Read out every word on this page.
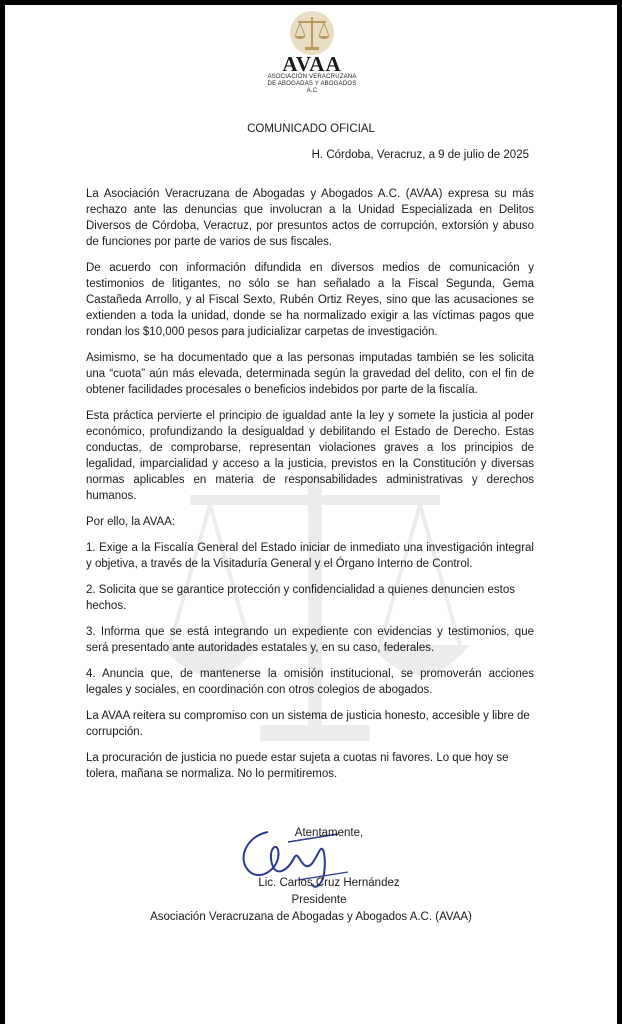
AVAA
ASOCIACIÓN VERACRUZANA
DE ABOGADAS Y ABOGADOS A.C
COMUNICADO OFICIAL
H. Córdoba, Veracruz, a 9 de julio de 2025

La Asociación Veracruzana de Abogadas y Abogados A.C. (AVAA) expresa su más rechazo ante las denuncias que involucran a la Unidad Especializada en Delitos Diversos de Córdoba, Veracruz, por presuntos actos de corrupción, extorsión y abuso de funciones por parte de varios de sus fiscales.

De acuerdo con información difundida en diversos medios de comunicación y testimonios de litigantes, no sólo se han señalado a la Fiscal Segunda, Gema Castañeda Arrollo, y al Fiscal Sexto, Rubén Ortiz Reyes, sino que las acusaciones se extienden a toda la unidad, donde se ha normalizado exigir a las víctimas pagos que rondan los $10,000 pesos para judicializar carpetas de investigación.

Asimismo, se ha documentado que a las personas imputadas también se les solicita una “cuota” aún más elevada, determinada según la gravedad del delito, con el fin de obtener facilidades procesales o beneficios indebidos por parte de la fiscalía.

Esta práctica pervierte el principio de igualdad ante la ley y somete la justicia al poder económico, profundizando la desigualdad y debilitando el Estado de Derecho. Estas conductas, de comprobarse, representan violaciones graves a los principios de legalidad, imparcialidad y acceso a la justicia, previstos en la Constitución y diversas normas aplicables en materia de responsabilidades administrativas y derechos humanos.

Por ello, la AVAA:

1. Exige a la Fiscalía General del Estado iniciar de inmediato una investigación integral y objetiva, a través de la Visitaduría General y el Órgano Interno de Control.

2. Solicita que se garantice protección y confidencialidad a quienes denuncien estos hechos.

3. Informa que se está integrando un expediente con evidencias y testimonios, que será presentado ante autoridades estatales y, en su caso, federales.

4. Anuncia que, de mantenerse la omisión institucional, se promoverán acciones legales y sociales, en coordinación con otros colegios de abogados.

La AVAA reitera su compromiso con un sistema de justicia honesto, accesible y libre de corrupción.

La procuración de justicia no puede estar sujeta a cuotas ni favores. Lo que hoy se tolera, mañana se normaliza. No lo permitiremos.

Atentamente,
Lic. Carlos Cruz Hernández
Presidente
Asociación Veracruzana de Abogadas y Abogados A.C. (AVAA)
